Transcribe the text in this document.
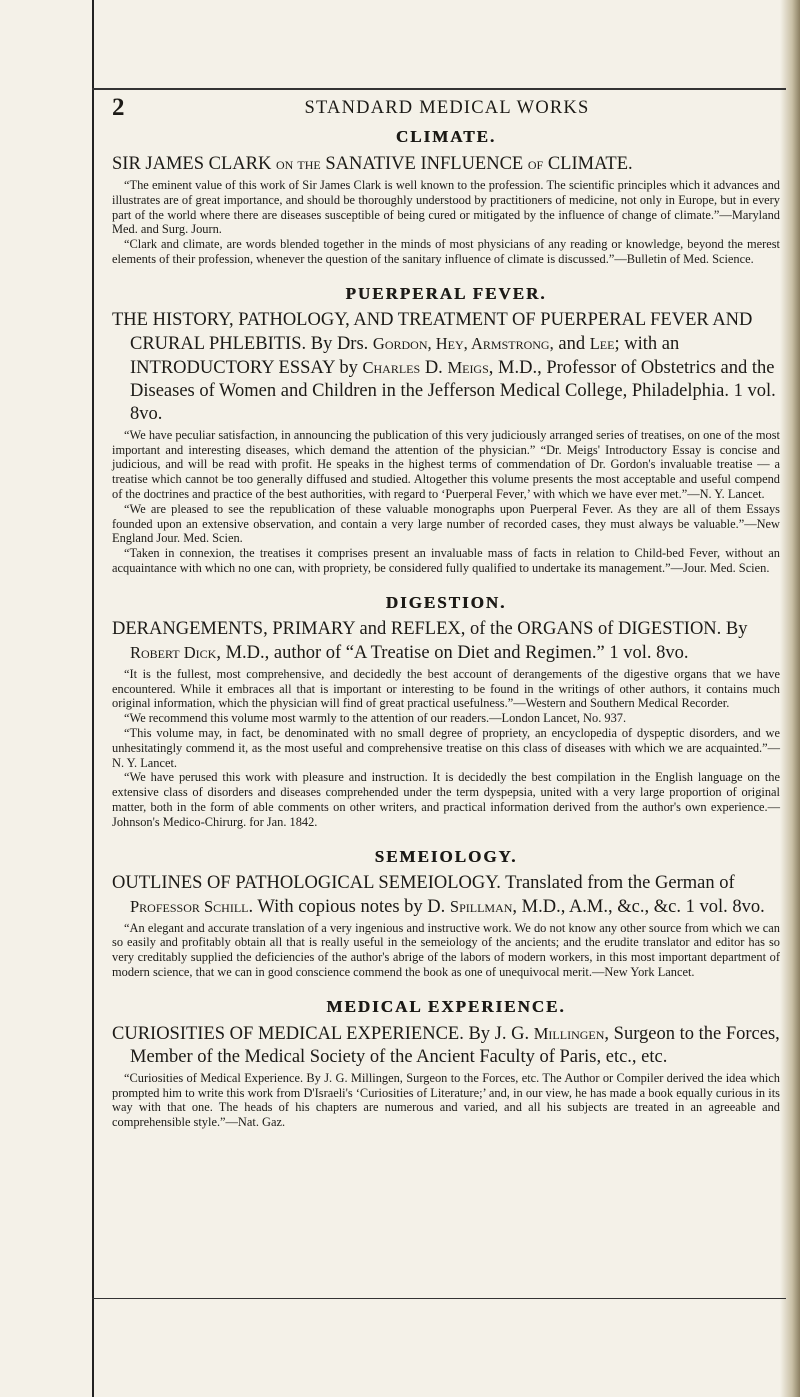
2	STANDARD MEDICAL WORKS
CLIMATE.

SIR JAMES CLARK on the SANATIVE INFLUENCE of CLIMATE.

“The eminent value of this work of Sir James Clark is well known to the profession. The scientific principles which it advances and illustrates are of great importance, and should be thoroughly understood by practitioners of medicine, not only in Europe, but in every part of the world where there are diseases susceptible of being cured or mitigated by the influence of change of climate.”—Maryland Med. and Surg. Journ.

“Clark and climate, are words blended together in the minds of most physicians of any reading or knowledge, beyond the merest elements of their profession, whenever the question of the sanitary influence of climate is discussed.”—Bulletin of Med. Science.

PUERPERAL FEVER.

THE HISTORY, PATHOLOGY, AND TREATMENT OF PUERPERAL FEVER AND CRURAL PHLEBITIS. By Drs. Gordon, Hey, Armstrong, and Lee; with an INTRODUCTORY ESSAY by Charles D. Meigs, M.D., Professor of Obstetrics and the Diseases of Women and Children in the Jefferson Medical College, Philadelphia. 1 vol. 8vo.

“We have peculiar satisfaction, in announcing the publication of this very judiciously arranged series of treatises, on one of the most important and interesting diseases, which demand the attention of the physician.” “Dr. Meigs' Introductory Essay is concise and judicious, and will be read with profit. He speaks in the highest terms of commendation of Dr. Gordon's invaluable treatise — a treatise which cannot be too generally diffused and studied. Altogether this volume presents the most acceptable and useful compend of the doctrines and practice of the best authorities, with regard to ‘Puerperal Fever,’ with which we have ever met.”—N. Y. Lancet.

“We are pleased to see the republication of these valuable monographs upon Puerperal Fever. As they are all of them Essays founded upon an extensive observation, and contain a very large number of recorded cases, they must always be valuable.”—New England Jour. Med. Scien.

“Taken in connexion, the treatises it comprises present an invaluable mass of facts in relation to Child-bed Fever, without an acquaintance with which no one can, with propriety, be considered fully qualified to undertake its management.”—Jour. Med. Scien.

DIGESTION.

DERANGEMENTS, PRIMARY and REFLEX, of the ORGANS of DIGESTION. By Robert Dick, M.D., author of “A Treatise on Diet and Regimen.” 1 vol. 8vo.

“It is the fullest, most comprehensive, and decidedly the best account of derangements of the digestive organs that we have encountered. While it embraces all that is important or interesting to be found in the writings of other authors, it contains much original information, which the physician will find of great practical usefulness.”—Western and Southern Medical Recorder.

“We recommend this volume most warmly to the attention of our readers.—London Lancet, No. 937.

“This volume may, in fact, be denominated with no small degree of propriety, an encyclopedia of dyspeptic disorders, and we unhesitatingly commend it, as the most useful and comprehensive treatise on this class of diseases with which we are acquainted.”—N. Y. Lancet.

“We have perused this work with pleasure and instruction. It is decidedly the best compilation in the English language on the extensive class of disorders and diseases comprehended under the term dyspepsia, united with a very large proportion of original matter, both in the form of able comments on other writers, and practical information derived from the author's own experience.—Johnson's Medico-Chirurg. for Jan. 1842.

SEMEIOLOGY.

OUTLINES OF PATHOLOGICAL SEMEIOLOGY. Translated from the German of Professor Schill. With copious notes by D. Spillman, M.D., A.M., &c., &c. 1 vol. 8vo.

“An elegant and accurate translation of a very ingenious and instructive work. We do not know any other source from which we can so easily and profitably obtain all that is really useful in the semeiology of the ancients; and the erudite translator and editor has so very creditably supplied the deficiencies of the author's abrige of the labors of modern workers, in this most important department of modern science, that we can in good conscience commend the book as one of unequivocal merit.—New York Lancet.

MEDICAL EXPERIENCE.

CURIOSITIES OF MEDICAL EXPERIENCE. By J. G. Millingen, Surgeon to the Forces, Member of the Medical Society of the Ancient Faculty of Paris, etc., etc.

“Curiosities of Medical Experience. By J. G. Millingen, Surgeon to the Forces, etc. The Author or Compiler derived the idea which prompted him to write this work from D'Israeli's ‘Curiosities of Literature;’ and, in our view, he has made a book equally curious in its way with that one. The heads of his chapters are numerous and varied, and all his subjects are treated in an agreeable and comprehensible style.”—Nat. Gaz.
